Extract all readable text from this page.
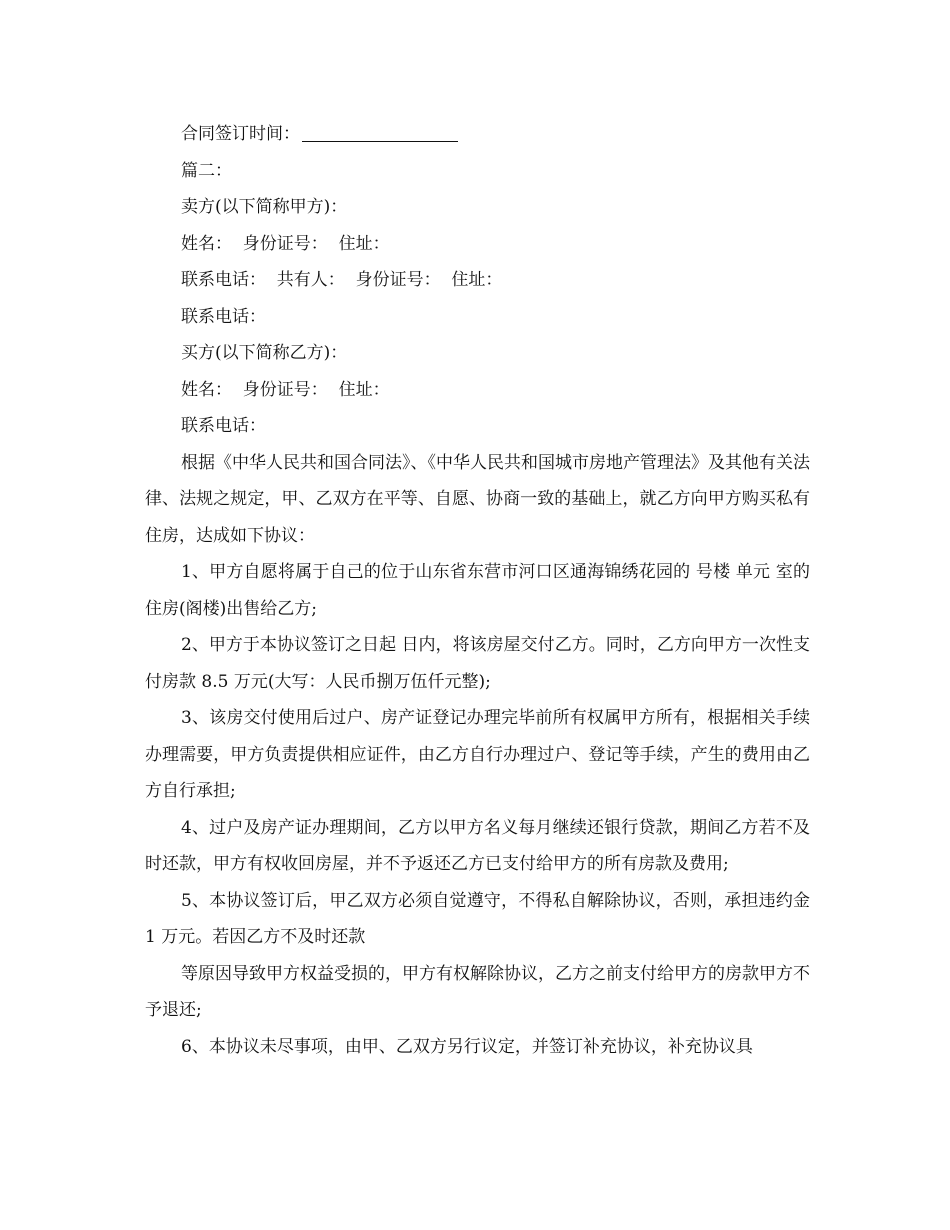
合同签订时间：
篇二：
卖方(以下简称甲方)：
姓名：  身份证号：  住址：
联系电话：  共有人：  身份证号：  住址：
联系电话：
买方(以下简称乙方)：
姓名：  身份证号：  住址：
联系电话：

根据《中华人民共和国合同法》、《中华人民共和国城市房地产管理法》及其他有关法律、法规之规定，甲、乙双方在平等、自愿、协商一致的基础上，就乙方向甲方购买私有住房，达成如下协议：

1、甲方自愿将属于自己的位于山东省东营市河口区通海锦绣花园的 号楼 单元 室的住房(阁楼)出售给乙方;

2、甲方于本协议签订之日起 日内，将该房屋交付乙方。同时，乙方向甲方一次性支付房款 8.5 万元(大写：人民币捌万伍仟元整);

3、该房交付使用后过户、房产证登记办理完毕前所有权属甲方所有，根据相关手续办理需要，甲方负责提供相应证件，由乙方自行办理过户、登记等手续，产生的费用由乙方自行承担;

4、过户及房产证办理期间，乙方以甲方名义每月继续还银行贷款，期间乙方若不及时还款，甲方有权收回房屋，并不予返还乙方已支付给甲方的所有房款及费用;

5、本协议签订后，甲乙双方必须自觉遵守，不得私自解除协议，否则，承担违约金 1 万元。若因乙方不及时还款

等原因导致甲方权益受损的，甲方有权解除协议，乙方之前支付给甲方的房款甲方不予退还;

6、本协议未尽事项，由甲、乙双方另行议定，并签订补充协议，补充协议具
